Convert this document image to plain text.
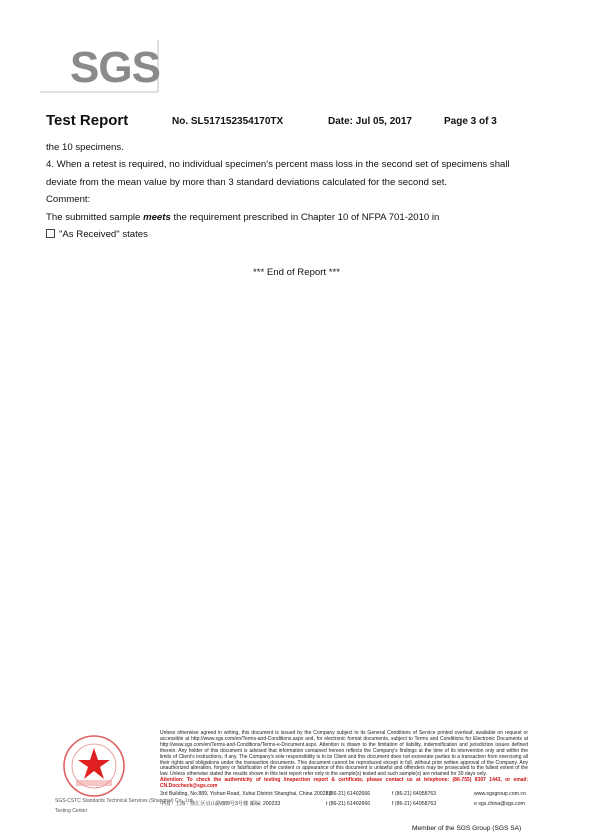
SGS
Test Report	No. SL517152354170TX	Date: Jul 05, 2017	Page 3 of 3

the 10 specimens.

4. When a retest is required, no individual specimen's percent mass loss in the second set of specimens shall

deviate from the mean value by more than 3 standard deviations calculated for the second set.

Comment:

The submitted sample meets the requirement prescribed in Chapter 10 of NFPA 701-2010 in

"As Received" states

*** End of Report ***
Unless otherwise agreed in writing, this document is issued by the Company subject to its General Conditions of Service printed overleaf, available on request or accessible at http://www.sgs.com/en/Terms-and-Conditions.aspx and, for electronic format documents, subject to Terms and Conditions for Electronic Documents at http://www.sgs.com/en/Terms-and-Conditions/Terms-e-Document.aspx. Attention is drawn to the limitation of liability, indemnification and jurisdiction issues defined therein. Any holder of this document is advised that information contained hereon reflects the Company's findings at the time of its intervention only and within the limits of Client's instructions, if any. The Company's sole responsibility is to its Client and this document does not exonerate parties to a transaction from exercising all their rights and obligations under the transaction documents. This document cannot be reproduced except in full, without prior written approval of the Company. Any unauthorized alteration, forgery or falsification of the content or appearance of this document is unlawful and offenders may be prosecuted to the fullest extent of the law. Unless otherwise stated the results shown in this test report refer only to the sample(s) tested and such sample(s) are retained for 30 days only.
Attention: To check the authenticity of testing /inspection report & certificate, please contact us at telephone: (86-755) 8307 1443, or email: CN.Doccheck@sgs.com
3rd Building, No.889, Yishan Road, Xuhui District Shanghai, China 200233
t (86-21) 61402666	f (86-21) 64958763	www.sgsgroup.com.cn
中国 · 上海 · 徐汇区宜山路889号3号楼 邮编: 200233	t (86-21) 61402666	f (86-21) 64958763	e sgs.china@sgs.com
SGS-CSTC Standards Technical Services (Shanghai) Co., Ltd.
Testing Center
Member of the SGS Group (SGS SA)
